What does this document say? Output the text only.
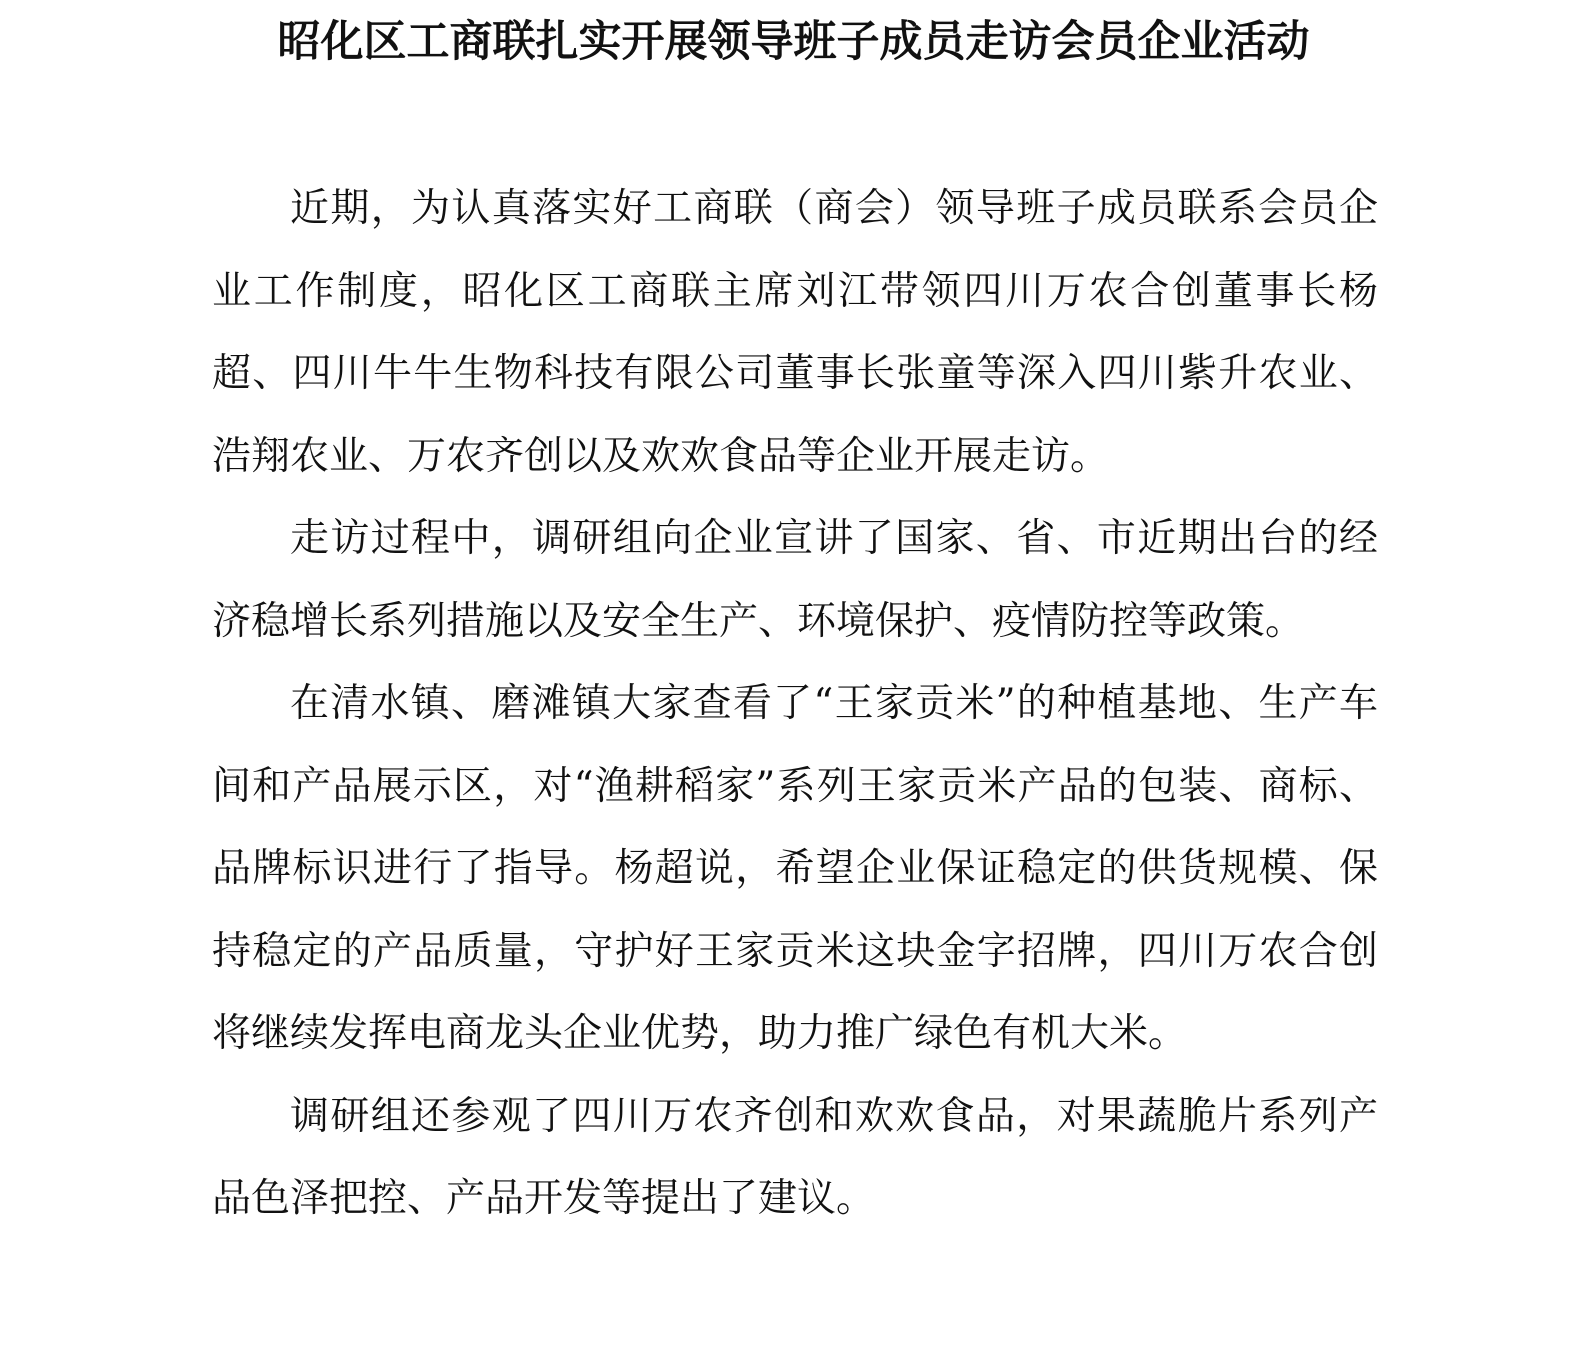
昭化区工商联扎实开展领导班子成员走访会员企业活动

近期，为认真落实好工商联（商会）领导班子成员联系会员企业工作制度，昭化区工商联主席刘江带领四川万农合创董事长杨超、四川牛牛生物科技有限公司董事长张童等深入四川紫升农业、浩翔农业、万农齐创以及欢欢食品等企业开展走访。

走访过程中，调研组向企业宣讲了国家、省、市近期出台的经济稳增长系列措施以及安全生产、环境保护、疫情防控等政策。

在清水镇、磨滩镇大家查看了“王家贡米”的种植基地、生产车间和产品展示区，对“渔耕稻家”系列王家贡米产品的包装、商标、品牌标识进行了指导。杨超说，希望企业保证稳定的供货规模、保持稳定的产品质量，守护好王家贡米这块金字招牌，四川万农合创将继续发挥电商龙头企业优势，助力推广绿色有机大米。

调研组还参观了四川万农齐创和欢欢食品，对果蔬脆片系列产品色泽把控、产品开发等提出了建议。
